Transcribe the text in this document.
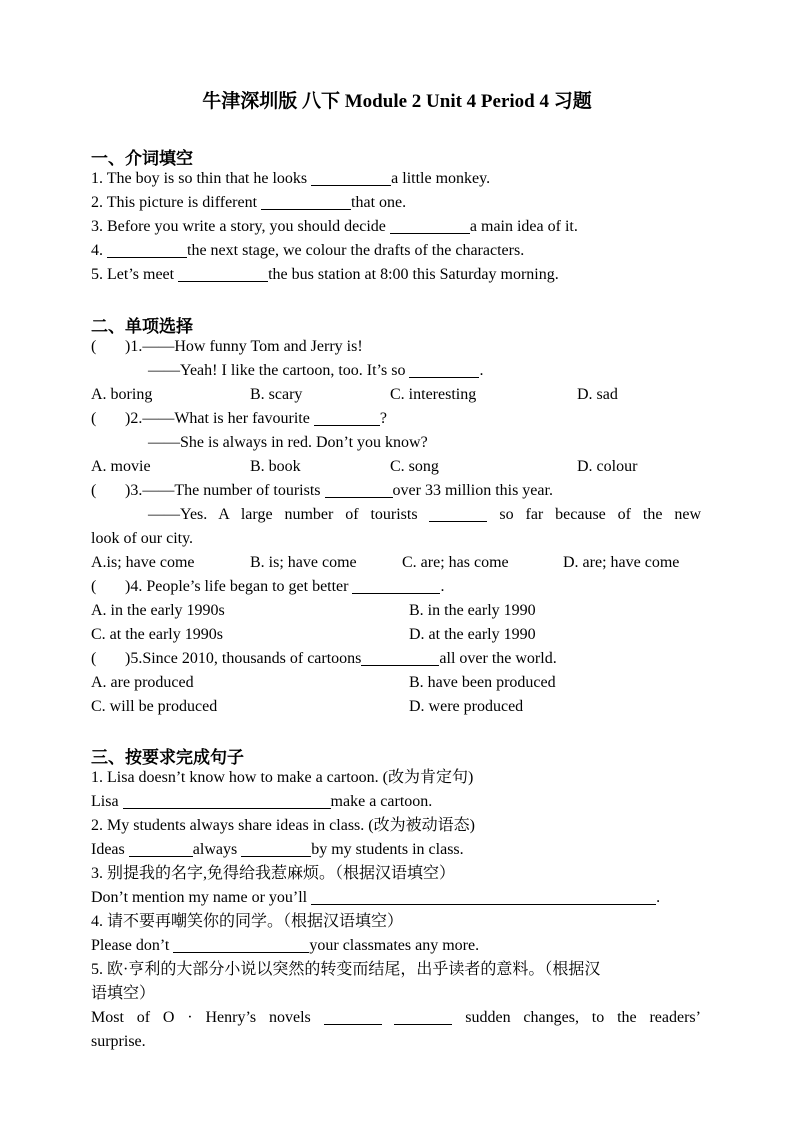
牛津深圳版 八下 Module 2 Unit 4 Period 4 习题
一、介词填空
1. The boy is so thin that he looks	a little monkey.
2. This picture is different	that one.
3. Before you write a story, you should decide	a main idea of it.
4.	the next stage, we colour the drafts of the characters.
5. Let’s meet	the bus station at 8:00 this Saturday morning.
二、单项选择
( )1.——How funny Tom and Jerry is!
——Yeah! I like the cartoon, too. It’s so	.
A. boring	B. scary	C. interesting	D. sad
( )2.——What is her favourite	?
——She is always in red. Don’t you know?
A. movie	B. book	C. song	D. colour
( )3.——The number of tourists	over 33 million this year.
——Yes. A large number of tourists	so far because of the new
look of our city.
A.is; have come	B. is; have come	C. are; has come	D. are; have come
( )4. People’s life began to get better	.
A. in the early 1990s	B. in the early 1990
C. at the early 1990s	D. at the early 1990
( )5.Since 2010, thousands of cartoons	all over the world.
A. are produced	B. have been produced
C. will be produced	D. were produced
三、按要求完成句子
1. Lisa doesn’t know how to make a cartoon. (改为肯定句)
Lisa	make a cartoon.
2. My students always share ideas in class. (改为被动语态)
Ideas	always	by my students in class.
3. 别提我的名字,免得给我惹麻烦。（根据汉语填空）
Don’t mention my name or you’ll	.
4. 请不要再嘲笑你的同学。（根据汉语填空）
Please don’t	your classmates any more.
5. 欧·亨利的大部分小说以突然的转变而结尾，出乎读者的意料。（根据汉
语填空）
Most of O · Henry’s novels	sudden changes, to the readers’
surprise.
